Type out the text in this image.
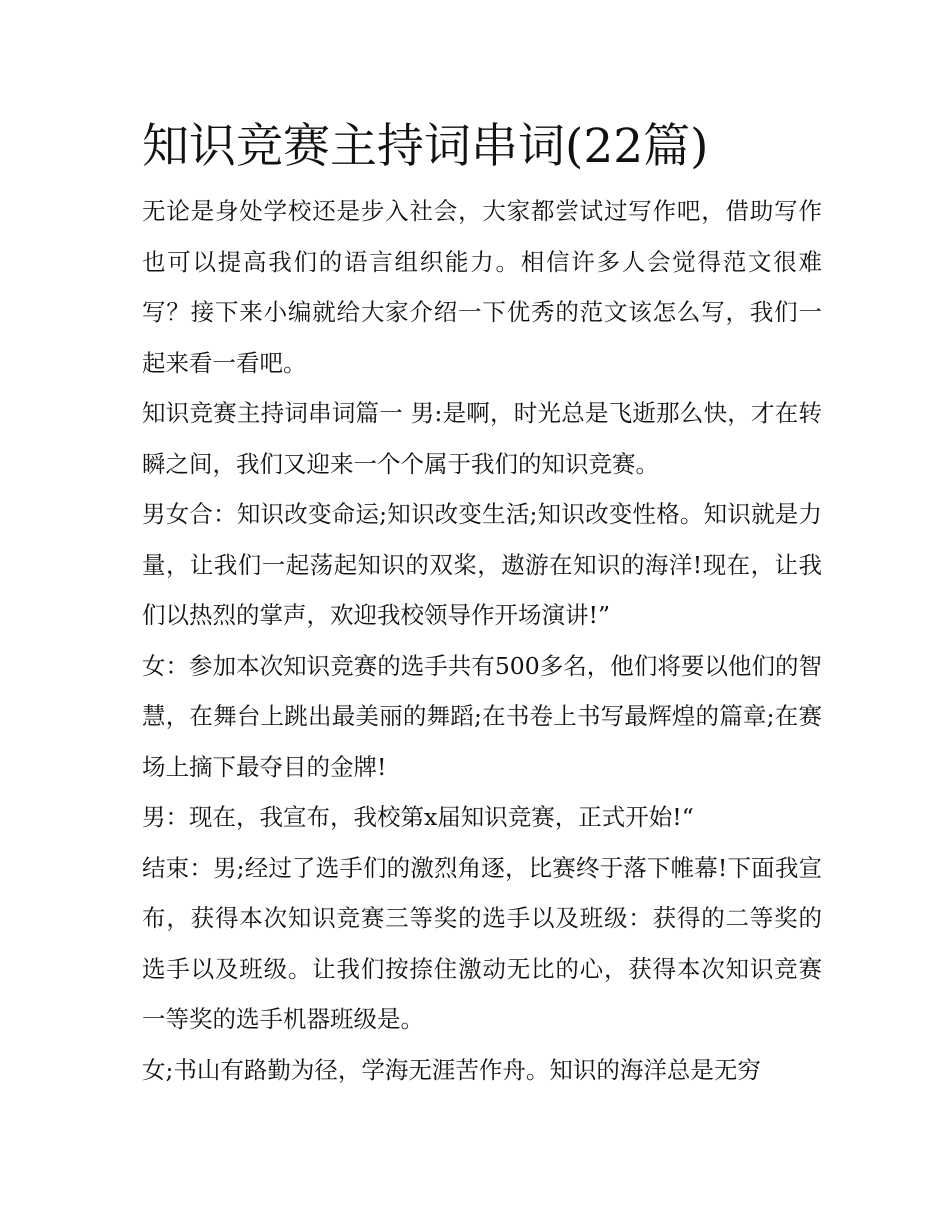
知识竞赛主持词串词(22篇)

无论是身处学校还是步入社会，大家都尝试过写作吧，借助写作也可以提高我们的语言组织能力。相信许多人会觉得范文很难写？接下来小编就给大家介绍一下优秀的范文该怎么写，我们一起来看一看吧。

知识竞赛主持词串词篇一 男:是啊，时光总是飞逝那么快，才在转瞬之间，我们又迎来一个个属于我们的知识竞赛。

男女合：知识改变命运;知识改变生活;知识改变性格。知识就是力量，让我们一起荡起知识的双桨，遨游在知识的海洋!现在，让我们以热烈的掌声，欢迎我校领导作开场演讲!”

女：参加本次知识竞赛的选手共有500多名，他们将要以他们的智慧，在舞台上跳出最美丽的舞蹈;在书卷上书写最辉煌的篇章;在赛场上摘下最夺目的金牌!

男：现在，我宣布，我校第x届知识竞赛，正式开始!“

结束：男;经过了选手们的激烈角逐，比赛终于落下帷幕!下面我宣布，获得本次知识竞赛三等奖的选手以及班级：获得的二等奖的选手以及班级。让我们按捺住激动无比的心，获得本次知识竞赛一等奖的选手机器班级是。

女;书山有路勤为径，学海无涯苦作舟。知识的海洋总是无穷
